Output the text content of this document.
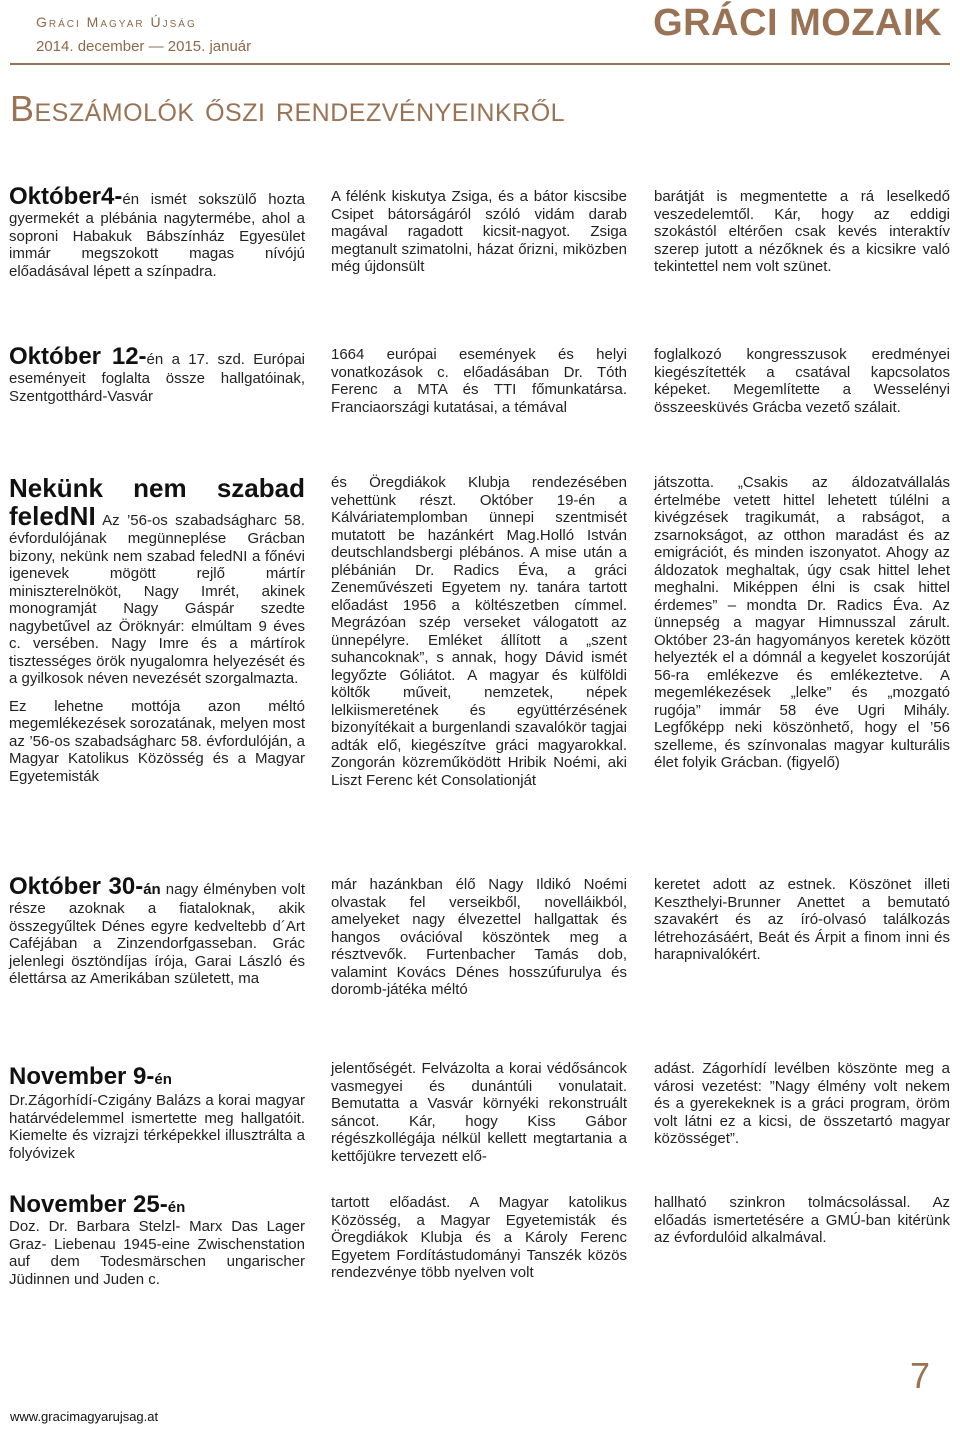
Gráci Magyar Újság
2014. december — 2015. január
GRÁCI MOZAIK
Beszámolók őszi rendezvényeinkről
Október4-én ismét sokszülő hozta gyermekét a plébánia nagytermébe, ahol a soproni Habakuk Bábszínház Egyesület immár megszokott magas nívójú előadásával lépett a színpadra.
A félénk kiskutya Zsiga, és a bátor kiscsibe Csipet bátorságáról szóló vidám darab magával ragadott kicsit-nagyot. Zsiga megtanult szimatolni, házat őrizni, miközben még újdonsült
barátját is megmentette a rá leselkedő veszedelemtől. Kár, hogy az eddigi szokástól eltérően csak kevés interaktív szerep jutott a nézőknek és a kicsikre való tekintettel nem volt szünet.
Október 12-én a 17. szd. Európai eseményeit foglalta össze hallgatóinak, Szentgotthárd-Vasvár
1664 európai események és helyi vonatkozások c. előadásában Dr. Tóth Ferenc a MTA és TTI főmunkatársa. Franciaországi kutatásai, a témával
foglalkozó kongresszusok eredményei kiegészítették a csatával kapcsolatos képeket. Megemlítette a Wesselényi összeesküvés Grácba vezető szálait.

Nekünk nem szabad feledNI Az ’56-os szabadságharc 58. évfordulójának megünneplése Grácban bizony, nekünk nem szabad feledNI a főnévi igenevek mögött rejlő mártír miniszterelnököt, Nagy Imrét, akinek monogramját Nagy Gáspár szedte nagybetűvel az Öröknyár: elmúltam 9 éves c. versében. Nagy Imre és a mártírok tisztességes örök nyugalomra helyezését és a gyilkosok néven nevezését szorgalmazta.

Ez lehetne mottója azon méltó megemlékezések sorozatának, melyen most az ’56-os szabadságharc 58. évfordulóján, a Magyar Katolikus Közösség és a Magyar Egyetemisták

és Öregdiákok Klubja rendezésében vehettünk részt. Október 19-én a Kálváriatemplomban ünnepi szentmisét mutatott be hazánkért Mag.Holló István deutschlandsbergi plébános. A mise után a plébánián Dr. Radics Éva, a gráci Zeneművészeti Egyetem ny. tanára tartott előadást 1956 a költészetben címmel. Megrázóan szép verseket válogatott az ünnepélyre. Emléket állított a „szent suhancoknak”, s annak, hogy Dávid ismét legyőzte Góliátot. A magyar és külföldi költők műveit, nemzetek, népek lelkiismeretének és együttérzésének bizonyítékait a burgenlandi szavalókör tagjai adták elő, kiegészítve gráci magyarokkal. Zongorán közreműködött Hribik Noémi, aki Liszt Ferenc két Consolationját
játszotta. „Csakis az áldozatvállalás értelmébe vetett hittel lehetett túlélni a kivégzések tragikumát, a rabságot, a zsarnokságot, az otthon maradást és az emigrációt, és minden iszonyatot. Ahogy az áldozatok meghaltak, úgy csak hittel lehet meghalni. Miképpen élni is csak hittel érdemes” – mondta Dr. Radics Éva. Az ünnepség a magyar Himnusszal zárult. Október 23-án hagyományos keretek között helyezték el a dómnál a kegyelet koszorúját 56-ra emlékezve és emlékeztetve. A megemlékezések „lelke” és „mozgató rugója” immár 58 éve Ugri Mihály. Legfőképp neki köszönhető, hogy el ’56 szelleme, és színvonalas magyar kulturális élet folyik Grácban. (figyelő)
Október 30-án nagy élményben volt része azoknak a fiataloknak, akik összegyűltek Dénes egyre kedveltebb d´Art Caféjában a Zinzendorfgasseban. Grác jelenlegi ösztöndíjas írója, Garai László és élettársa az Amerikában született, ma
már hazánkban élő Nagy Ildikó Noémi olvastak fel verseikből, novelláikból, amelyeket nagy élvezettel hallgattak és hangos ovációval köszöntek meg a résztvevők. Furtenbacher Tamás dob, valamint Kovács Dénes hosszúfurulya és doromb-játéka méltó
keretet adott az estnek. Köszönet illeti Keszthelyi-Brunner Anettet a bemutató szavakért és az író-olvasó találkozás létrehozásáért, Beát és Árpit a finom inni és harapnivalókért.

November 9-én

Dr.Zágorhídí-Czigány Balázs a korai magyar határvédelemmel ismertette meg hallgatóit. Kiemelte és vizrajzi térképekkel illusztrálta a folyóvizek

jelentőségét. Felvázolta a korai védősáncok vasmegyei és dunántúli vonulatait. Bemutatta a Vasvár környéki rekonstruált sáncot. Kár, hogy Kiss Gábor régészkollégája nélkül kellett megtartania a kettőjükre tervezett elő-
adást. Zágorhídí levélben köszönte meg a városi vezetést: ”Nagy élmény volt nekem és a gyerekeknek is a gráci program, öröm volt látni ez a kicsi, de összetartó magyar közösséget”.

November 25-én

Doz. Dr. Barbara Stelzl- Marx Das Lager Graz- Liebenau 1945-eine Zwischenstation auf dem Todesmärschen ungarischer Jüdinnen und Juden c.

tartott előadást. A Magyar katolikus Közösség, a Magyar Egyetemisták és Öregdiákok Klubja és a Károly Ferenc Egyetem Fordítástudományi Tanszék közös rendezvénye több nyelven volt
hallható szinkron tolmácsolással. Az előadás ismertetésére a GMÚ-ban kitérünk az évfordulóid alkalmával.
7
www.gracimagyarujsag.at
